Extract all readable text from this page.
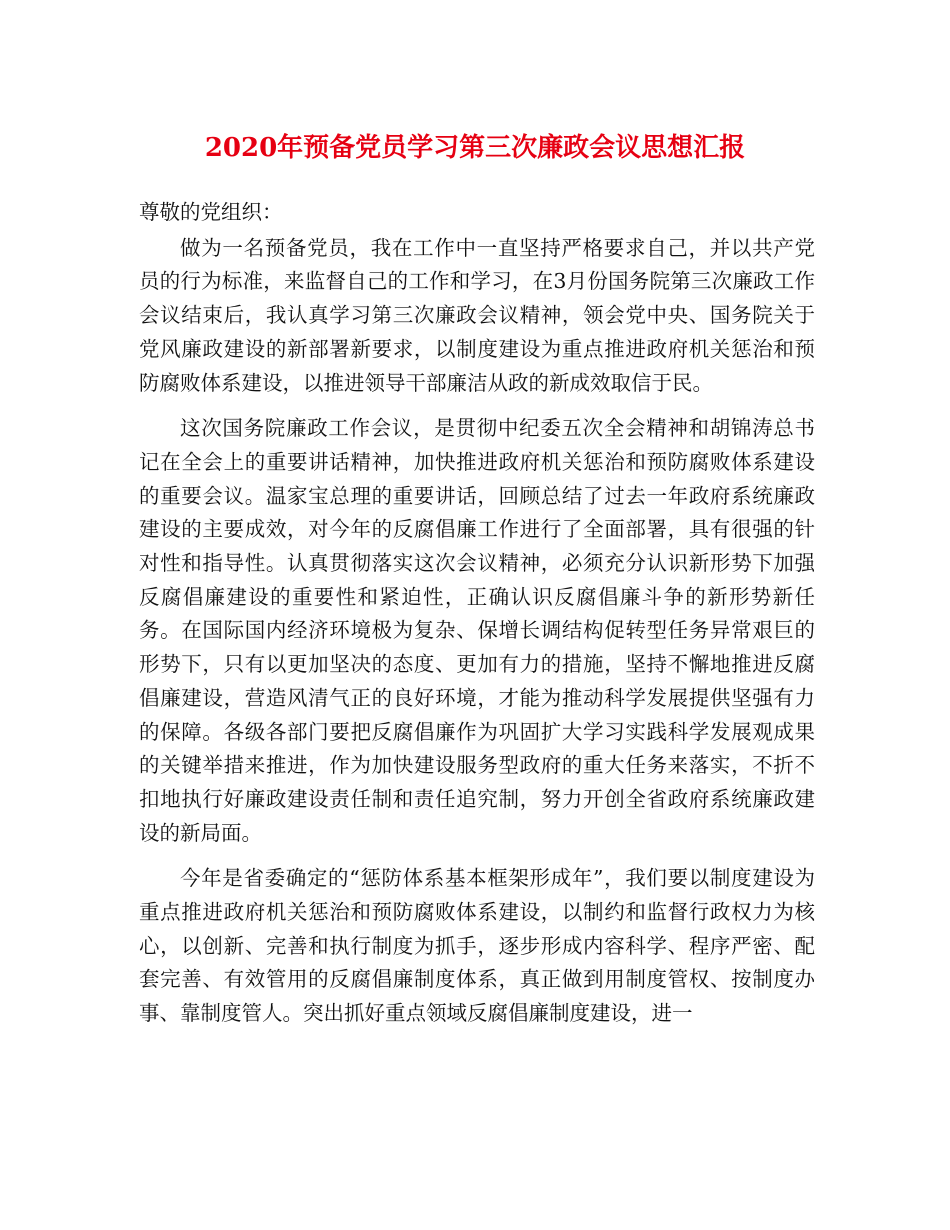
2020年预备党员学习第三次廉政会议思想汇报

尊敬的党组织：

做为一名预备党员，我在工作中一直坚持严格要求自己，并以共产党员的行为标准，来监督自己的工作和学习，在3月份国务院第三次廉政工作会议结束后，我认真学习第三次廉政会议精神，领会党中央、国务院关于党风廉政建设的新部署新要求，以制度建设为重点推进政府机关惩治和预防腐败体系建设，以推进领导干部廉洁从政的新成效取信于民。

这次国务院廉政工作会议，是贯彻中纪委五次全会精神和胡锦涛总书记在全会上的重要讲话精神，加快推进政府机关惩治和预防腐败体系建设的重要会议。温家宝总理的重要讲话，回顾总结了过去一年政府系统廉政建设的主要成效，对今年的反腐倡廉工作进行了全面部署，具有很强的针对性和指导性。认真贯彻落实这次会议精神，必须充分认识新形势下加强反腐倡廉建设的重要性和紧迫性，正确认识反腐倡廉斗争的新形势新任务。在国际国内经济环境极为复杂、保增长调结构促转型任务异常艰巨的形势下，只有以更加坚决的态度、更加有力的措施，坚持不懈地推进反腐倡廉建设，营造风清气正的良好环境，才能为推动科学发展提供坚强有力的保障。各级各部门要把反腐倡廉作为巩固扩大学习实践科学发展观成果的关键举措来推进，作为加快建设服务型政府的重大任务来落实，不折不扣地执行好廉政建设责任制和责任追究制，努力开创全省政府系统廉政建设的新局面。

今年是省委确定的“惩防体系基本框架形成年”，我们要以制度建设为重点推进政府机关惩治和预防腐败体系建设，以制约和监督行政权力为核心，以创新、完善和执行制度为抓手，逐步形成内容科学、程序严密、配套完善、有效管用的反腐倡廉制度体系，真正做到用制度管权、按制度办事、靠制度管人。突出抓好重点领域反腐倡廉制度建设，进一
